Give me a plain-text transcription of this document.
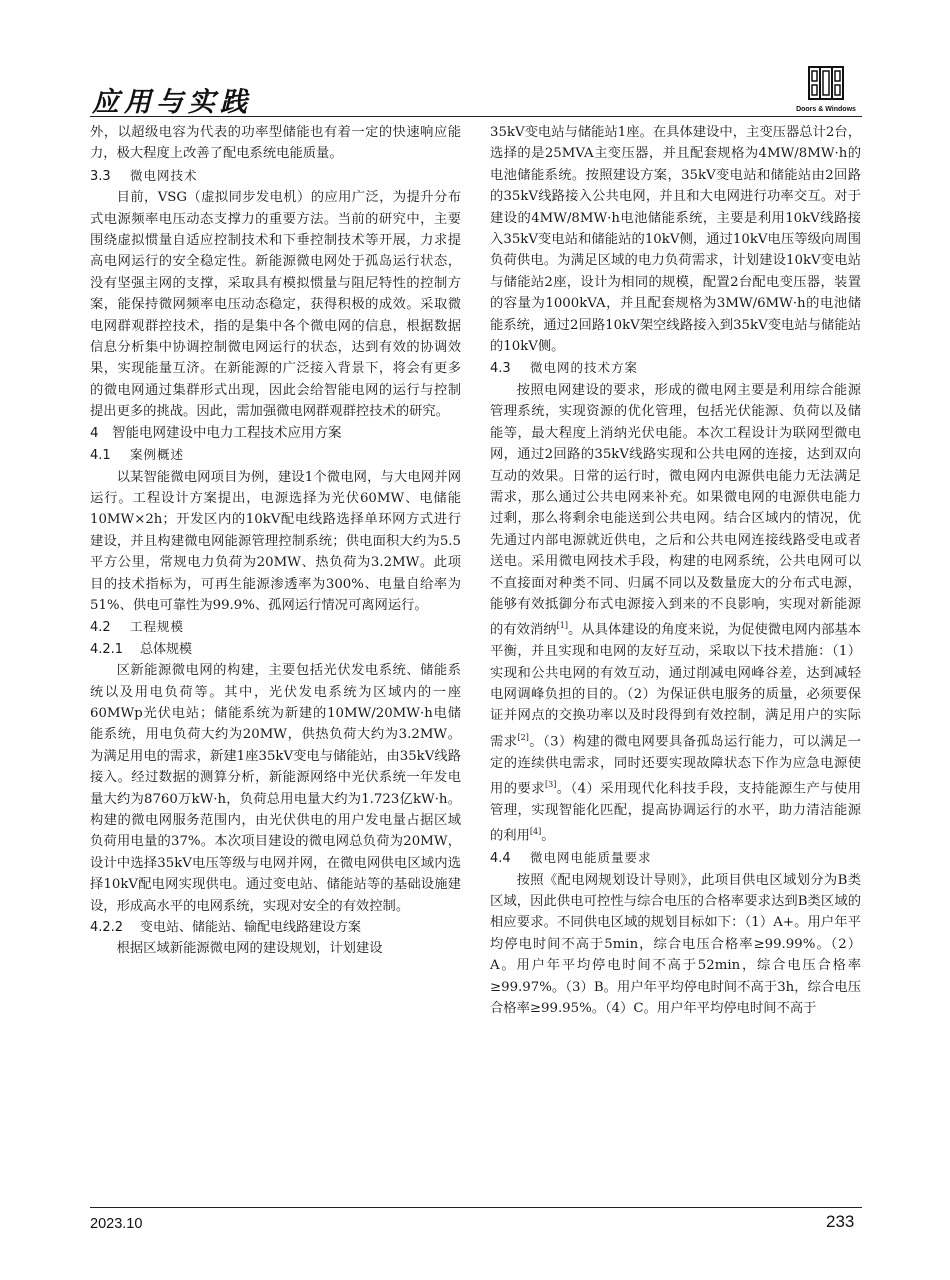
应用与实践	Doors & Windows

外，以超级电容为代表的功率型储能也有着一定的快速响应能力，极大程度上改善了配电系统电能质量。

3.3 微电网技术

目前，VSG（虚拟同步发电机）的应用广泛，为提升分布式电源频率电压动态支撑力的重要方法。当前的研究中，主要围绕虚拟惯量自适应控制技术和下垂控制技术等开展，力求提高电网运行的安全稳定性。新能源微电网处于孤岛运行状态，没有坚强主网的支撑，采取具有模拟惯量与阻尼特性的控制方案，能保持微网频率电压动态稳定，获得积极的成效。采取微电网群观群控技术，指的是集中各个微电网的信息，根据数据信息分析集中协调控制微电网运行的状态，达到有效的协调效果，实现能量互济。在新能源的广泛接入背景下，将会有更多的微电网通过集群形式出现，因此会给智能电网的运行与控制提出更多的挑战。因此，需加强微电网群观群控技术的研究。

4 智能电网建设中电力工程技术应用方案
4.1 案例概述

以某智能微电网项目为例，建设1个微电网，与大电网并网运行。工程设计方案提出，电源选择为光伏60MW、电储能10MW×2h；开发区内的10kV配电线路选择单环网方式进行建设，并且构建微电网能源管理控制系统；供电面积大约为5.5平方公里，常规电力负荷为20MW、热负荷为3.2MW。此项目的技术指标为，可再生能源渗透率为300%、电量自给率为51%、供电可靠性为99.9%、孤网运行情况可离网运行。

4.2 工程规模
4.2.1 总体规模

区新能源微电网的构建，主要包括光伏发电系统、储能系统以及用电负荷等。其中，光伏发电系统为区域内的一座60MWp光伏电站；储能系统为新建的10MW/20MW·h电储能系统，用电负荷大约为20MW，供热负荷大约为3.2MW。为满足用电的需求，新建1座35kV变电与储能站，由35kV线路接入。经过数据的测算分析，新能源网络中光伏系统一年发电量大约为8760万kW·h，负荷总用电量大约为1.723亿kW·h。构建的微电网服务范围内，由光伏供电的用户发电量占据区域负荷用电量的37%。本次项目建设的微电网总负荷为20MW，设计中选择35kV电压等级与电网并网，在微电网供电区域内选择10kV配电网实现供电。通过变电站、储能站等的基础设施建设，形成高水平的电网系统，实现对安全的有效控制。

4.2.2 变电站、储能站、输配电线路建设方案

根据区域新能源微电网的建设规划，计划建设

35kV变电站与储能站1座。在具体建设中，主变压器总计2台，选择的是25MVA主变压器，并且配套规格为4MW/8MW·h的电池储能系统。按照建设方案，35kV变电站和储能站由2回路的35kV线路接入公共电网，并且和大电网进行功率交互。对于建设的4MW/8MW·h电池储能系统，主要是利用10kV线路接入35kV变电站和储能站的10kV侧，通过10kV电压等级向周围负荷供电。为满足区域的电力负荷需求，计划建设10kV变电站与储能站2座，设计为相同的规模，配置2台配电变压器，装置的容量为1000kVA，并且配套规格为3MW/6MW·h的电池储能系统，通过2回路10kV架空线路接入到35kV变电站与储能站的10kV侧。

4.3 微电网的技术方案

按照电网建设的要求，形成的微电网主要是利用综合能源管理系统，实现资源的优化管理，包括光伏能源、负荷以及储能等，最大程度上消纳光伏电能。本次工程设计为联网型微电网，通过2回路的35kV线路实现和公共电网的连接，达到双向互动的效果。日常的运行时，微电网内电源供电能力无法满足需求，那么通过公共电网来补充。如果微电网的电源供电能力过剩，那么将剩余电能送到公共电网。结合区域内的情况，优先通过内部电源就近供电，之后和公共电网连接线路受电或者送电。采用微电网技术手段，构建的电网系统，公共电网可以不直接面对种类不同、归属不同以及数量庞大的分布式电源，能够有效抵御分布式电源接入到来的不良影响，实现对新能源的有效消纳[1]。从具体建设的角度来说，为促使微电网内部基本平衡，并且实现和电网的友好互动，采取以下技术措施：（1）实现和公共电网的有效互动，通过削减电网峰谷差，达到减轻电网调峰负担的目的。（2）为保证供电服务的质量，必须要保证并网点的交换功率以及时段得到有效控制，满足用户的实际需求[2]。（3）构建的微电网要具备孤岛运行能力，可以满足一定的连续供电需求，同时还要实现故障状态下作为应急电源使用的要求[3]。（4）采用现代化科技手段，支持能源生产与使用管理，实现智能化匹配，提高协调运行的水平，助力清洁能源的利用[4]。

4.4 微电网电能质量要求

按照《配电网规划设计导则》，此项目供电区域划分为B类区域，因此供电可控性与综合电压的合格率要求达到B类区域的相应要求。不同供电区域的规划目标如下：（1）A+。用户年平均停电时间不高于5min，综合电压合格率≥99.99%。（2）A。用户年平均停电时间不高于52min，综合电压合格率≥99.97%。（3）B。用户年平均停电时间不高于3h，综合电压合格率≥99.95%。（4）C。用户年平均停电时间不高于

2023.10	233
